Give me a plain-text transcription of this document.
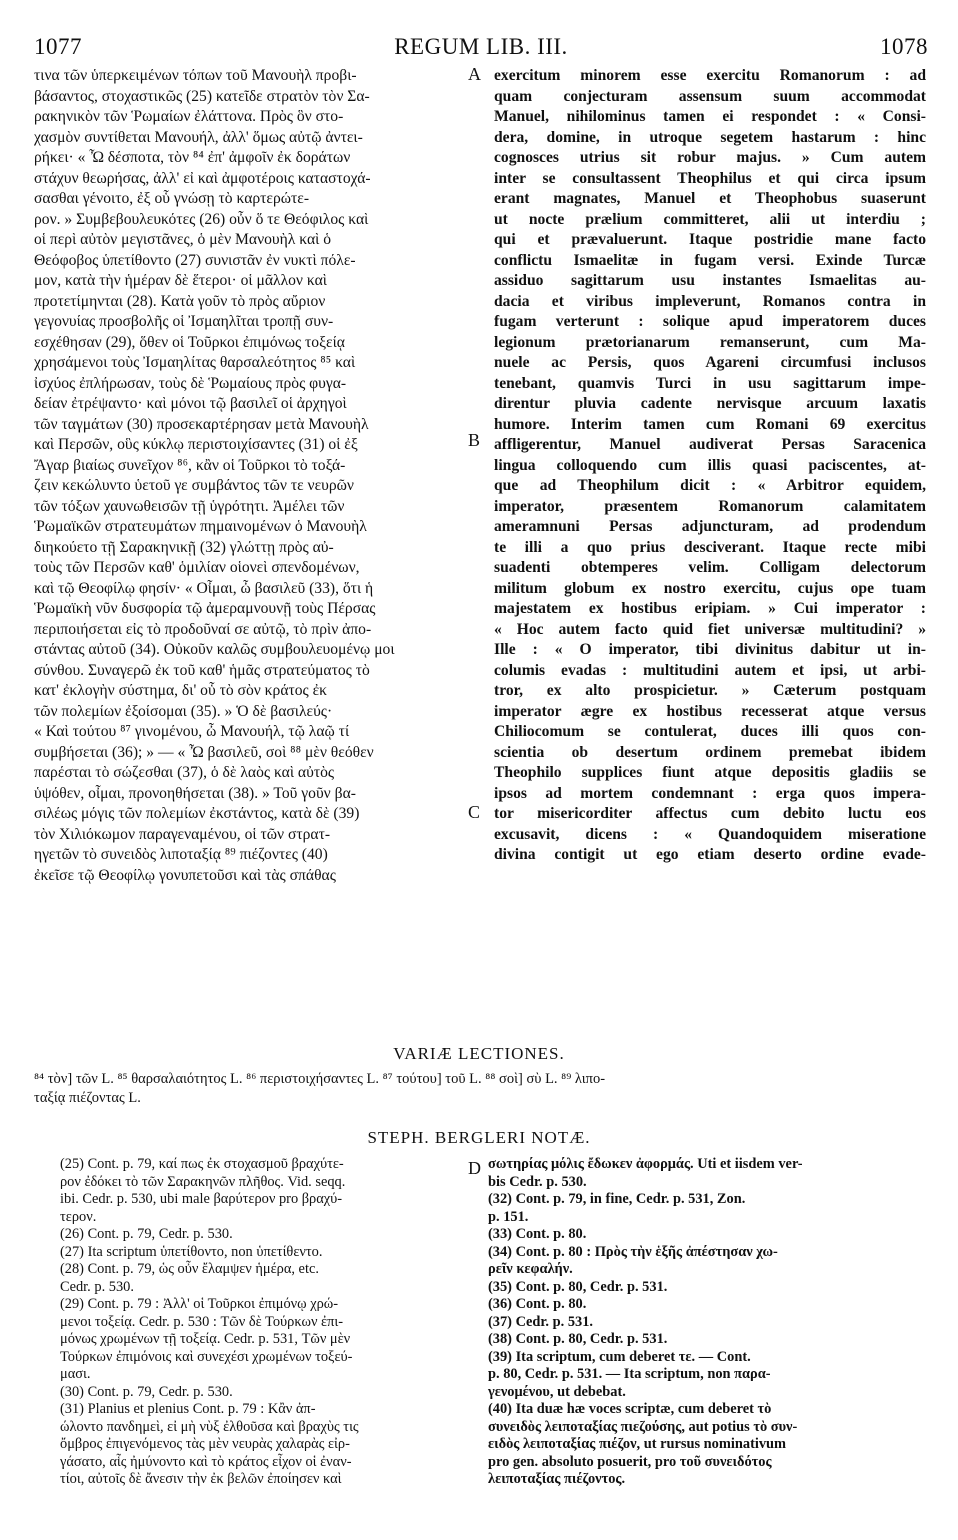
1077	REGUM LIB. III.	1078
A
B
C
D
τινα τῶν ὑπερκειμένων τόπων τοῦ Μανουὴλ προβι-
βάσαντος, στοχαστικῶς (25) κατεῖδε στρατὸν τὸν Σα-
ρακηνικὸν τῶν Ῥωμαίων ἐλάττονα. Πρὸς ὃν στο-
χασμὸν συντίθεται Μανουήλ, ἀλλ' ὅμως αὐτῷ ἀντει-
ρήκει· « Ὦ δέσποτα, τὸν ⁸⁴ ἐπ' ἀμφοῖν ἐκ δοράτων
στάχυν θεωρήσας, ἀλλ' εἰ καὶ ἀμφοτέροις καταστοχά-
σασθαι γένοιτο, ἐξ οὗ γνώσῃ τὸ καρτερώτε-
ρον. » Συμβεβουλευκότες (26) οὖν ὅ τε Θεόφιλος καὶ
οἱ περὶ αὐτὸν μεγιστᾶνες, ὁ μὲν Μανουὴλ καὶ ὁ
Θεόφοβος ὑπετίθοντο (27) συνιστᾶν ἐν νυκτὶ πόλε-
μον, κατὰ τὴν ἡμέραν δὲ ἕτεροι· οἱ μᾶλλον καὶ
προτετίμηνται (28). Κατὰ γοῦν τὸ πρὸς αὔριον
γεγονυίας προσβολῆς οἱ Ἰσμαηλῖται τροπῇ συν-
εσχέθησαν (29), ὅθεν οἱ Τοῦρκοι ἐπιμόνως τοξείᾳ
χρησάμενοι τοὺς Ἰσμαηλίτας θαρσαλεότητος ⁸⁵ καὶ
ἰσχύος ἐπλήρωσαν, τοὺς δὲ Ῥωμαίους πρὸς φυγα-
δείαν ἐτρέψαντο· καὶ μόνοι τῷ βασιλεῖ οἱ ἀρχηγοὶ
τῶν ταγμάτων (30) προσεκαρτέρησαν μετὰ Μανουὴλ
καὶ Περσῶν, οὓς κύκλῳ περιστοιχίσαντες (31) οἱ ἐξ
Ἄγαρ βιαίως συνεῖχον ⁸⁶, κἂν οἱ Τοῦρκοι τὸ τοξά-
ζειν κεκώλυντο ὑετοῦ γε συμβάντος τῶν τε νευρῶν
τῶν τόξων χαυνωθεισῶν τῇ ὑγρότητι. Ἀμέλει τῶν
Ῥωμαϊκῶν στρατευμάτων πημαινομένων ὁ Μανουὴλ
διηκούετο τῇ Σαρακηνικῇ (32) γλώττῃ πρὸς αὐ-
τοὺς τῶν Περσῶν καθ' ὁμιλίαν οἱονεὶ σπενδομένων,
καὶ τῷ Θεοφίλῳ φησίν· « Οἶμαι, ὦ βασιλεῦ (33), ὅτι ἡ
Ῥωμαϊκὴ νῦν δυσφορία τῷ ἀμεραμνουνῇ τοὺς Πέρσας
περιποιήσεται εἰς τὸ προδοῦναί σε αὐτῷ, τὸ πρὶν ἀπο-
στάντας αὐτοῦ (34). Οὐκοῦν καλῶς συμβουλευομένῳ μοι
σύνθου. Συναγερῶ ἐκ τοῦ καθ' ἡμᾶς στρατεύματος τὸ
κατ' ἐκλογὴν σύστημα, δι' οὗ τὸ σὸν κράτος ἐκ
τῶν πολεμίων ἐξοίσομαι (35). » Ὁ δὲ βασιλεύς·
« Καὶ τούτου ⁸⁷ γινομένου, ὦ Μανουήλ, τῷ λαῷ τί
συμβήσεται (36); » — « Ὦ βασιλεῦ, σοὶ ⁸⁸ μὲν θεόθεν
παρέσται τὸ σώζεσθαι (37), ὁ δὲ λαὸς καὶ αὐτὸς
ὑψόθεν, οἶμαι, προνοηθήσεται (38). » Τοῦ γοῦν βα-
σιλέως μόγις τῶν πολεμίων ἐκστάντος, κατὰ δὲ (39)
τὸν Χιλιόκωμον παραγεναμένου, οἱ τῶν στρατ-
ηγετῶν τὸ συνειδὸς λιποταξίᾳ ⁸⁹ πιέζοντες (40)
ἐκεῖσε τῷ Θεοφίλῳ γονυπετοῦσι καὶ τὰς σπάθας
exercitum minorem esse exercitu Romanorum : ad
quam conjecturam assensum suum accommodat
Manuel, nihilominus tamen ei respondet : « Consi-
dera, domine, in utroque segetem hastarum : hinc
cognosces utrius sit robur majus. » Cum autem
inter se consultassent Theophilus et qui circa ipsum
erant magnates, Manuel et Theophobus suaserunt
ut nocte prælium committeret, alii ut interdiu ;
qui et prævaluerunt. Itaque postridie mane facto
conflictu Ismaelitæ in fugam versi. Exinde Turcæ
assiduo sagittarum usu instantes Ismaelitas au-
dacia et viribus impleverunt, Romanos contra in
fugam verterunt : solique apud imperatorem duces
legionum prætorianarum remanserunt, cum Ma-
nuele ac Persis, quos Agareni circumfusi inclusos
tenebant, quamvis Turci in usu sagittarum impe-
direntur pluvia cadente nervisque arcuum laxatis
humore. Interim tamen cum Romani 69 exercitus
affligerentur, Manuel audiverat Persas Saracenica
lingua colloquendo cum illis quasi paciscentes, at-
que ad Theophilum dicit : « Arbitror equidem,
imperator, præsentem Romanorum calamitatem
ameramnuni Persas adjuncturam, ad prodendum
te illi a quo prius desciverant. Itaque recte mibi
suadenti obtemperes velim. Colligam delectorum
militum globum ex nostro exercitu, cujus ope tuam
majestatem ex hostibus eripiam. » Cui imperator :
« Hoc autem facto quid fiet universæ multitudini? »
Ille : « O imperator, tibi divinitus dabitur ut in-
columis evadas : multitudini autem et ipsi, ut arbi-
tror, ex alto prospicietur. » Cæterum postquam
imperator ægre ex hostibus recesserat atque versus
Chiliocomum se contulerat, duces illi quos con-
scientia ob desertum ordinem premebat ibidem
Theophilo supplices fiunt atque depositis gladiis se
ipsos ad mortem condemnant : erga quos impera-
tor misericorditer affectus cum debito luctu eos
excusavit, dicens : « Quandoquidem miseratione
divina contigit ut ego etiam deserto ordine evade-
VARIÆ LECTIONES.
⁸⁴ τὸν] τῶν L. ⁸⁵ θαρσαλαιότητος L. ⁸⁶ περιστοιχήσαντες L. ⁸⁷ τούτου] τοῦ L. ⁸⁸ σοὶ] σὺ L. ⁸⁹ λιπο-
ταξίᾳ πιέζοντας L.
STEPH. BERGLERI NOTÆ.
(25) Cont. p. 79, καί πως ἐκ στοχασμοῦ βραχύτε-
ρον ἐδόκει τὸ τῶν Σαρακηνῶν πλῆθος. Vid. seqq.
ibi. Cedr. p. 530, ubi male βαρύτερον pro βραχύ-
τερον.
(26) Cont. p. 79, Cedr. p. 530.
(27) Ita scriptum ὑπετίθοντο, non ὑπετίθεντο.
(28) Cont. p. 79, ὡς οὖν ἔλαμψεν ἡμέρα, etc.
Cedr. p. 530.
(29) Cont. p. 79 : Ἀλλ' οἱ Τοῦρκοι ἐπιμόνῳ χρώ-
μενοι τοξείᾳ. Cedr. p. 530 : Τῶν δὲ Τούρκων ἐπι-
μόνως χρωμένων τῇ τοξείᾳ. Cedr. p. 531, Τῶν μὲν
Τούρκων ἐπιμόνοις καὶ συνεχέσι χρωμένων τοξεύ-
μασι.
(30) Cont. p. 79, Cedr. p. 530.
(31) Planius et plenius Cont. p. 79 : Κἂν ἀπ-
ώλοντο πανδημεὶ, εἰ μὴ νὺξ ἐλθοῦσα καὶ βραχὺς τις
ὄμβρος ἐπιγενόμενος τὰς μὲν νευρὰς χαλαρὰς εἰρ-
γάσατο, αἷς ἠμύνοντο καὶ τὸ κράτος εἶχον οἱ ἐναν-
τίοι, αὐτοῖς δὲ ἄνεσιν τὴν ἐκ βελῶν ἐποίησεν καὶ
σωτηρίας μόλις ἔδωκεν ἀφορμάς. Uti et iisdem ver-
bis Cedr. p. 530.
(32) Cont. p. 79, in fine, Cedr. p. 531, Zon.
p. 151.
(33) Cont. p. 80.
(34) Cont. p. 80 : Πρὸς τὴν ἑξῆς ἀπέστησαν χω-
ρεῖν κεφαλήν.
(35) Cont. p. 80, Cedr. p. 531.
(36) Cont. p. 80.
(37) Cedr. p. 531.
(38) Cont. p. 80, Cedr. p. 531.
(39) Ita scriptum, cum deberet τε. — Cont.
p. 80, Cedr. p. 531. — Ita scriptum, non παρα-
γενομένου, ut debebat.
(40) Ita duæ hæ voces scriptæ, cum deberet τὸ
συνειδὸς λειποταξίας πιεζούσης, aut potius τὸ συν-
ειδὸς λειποταξίας πιέζον, ut rursus nominativum
pro gen. absoluto posuerit, pro τοῦ συνειδότος
λειποταξίας πιέζοντος.
